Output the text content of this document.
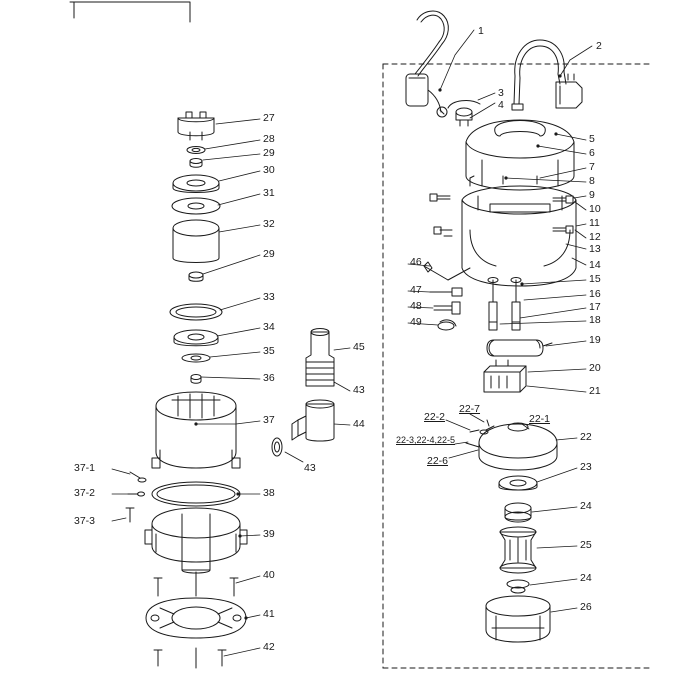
1
2
3
4
5
6
7
8
9
10
11
12
13
14
15
16
17
18
19
20
21
22
23
24
25
24
26
22-1
22-2
22-7
22-3,22-4,22-5
22-6
27
28
29
30
31
32
29
33
34
35
36
37
37-1
37-2
37-3
38
39
40
41
42
43
43
44
45
46
47
48
49
